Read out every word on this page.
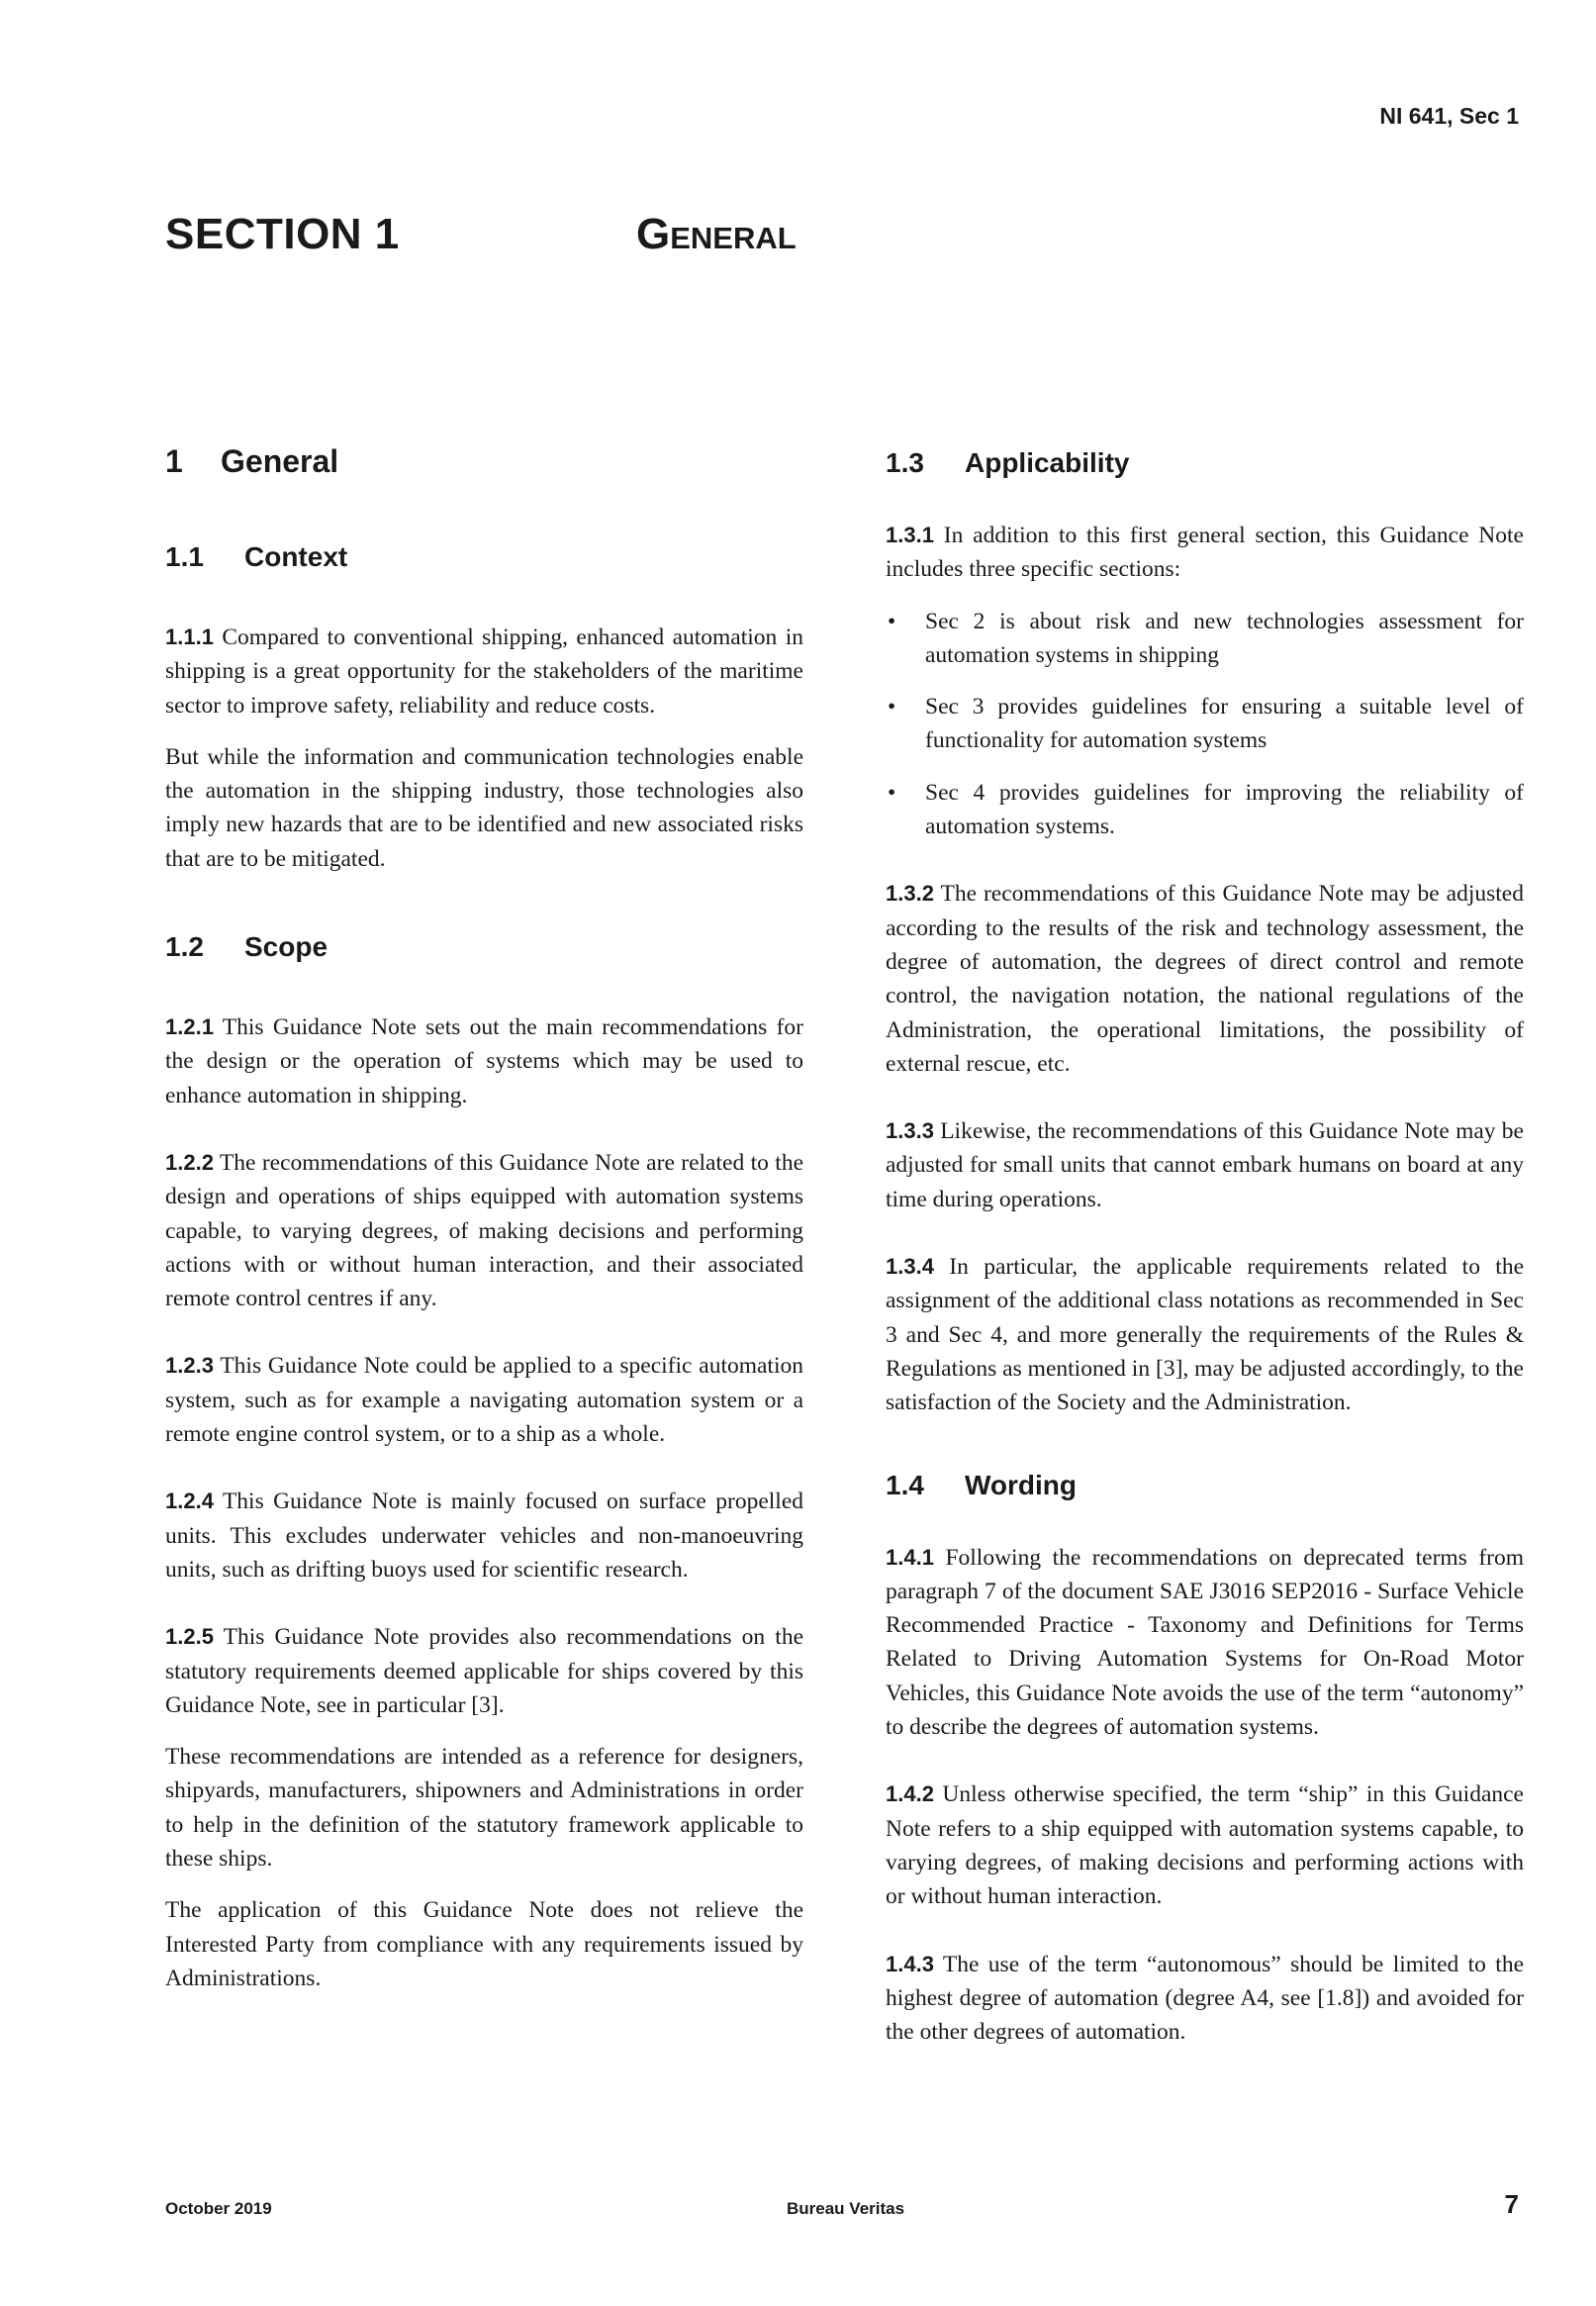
NI 641, Sec 1
SECTION 1	General
1 General
1.1 Context

1.1.1 Compared to conventional shipping, enhanced automation in shipping is a great opportunity for the stakeholders of the maritime sector to improve safety, reliability and reduce costs.

But while the information and communication technologies enable the automation in the shipping industry, those technologies also imply new hazards that are to be identified and new associated risks that are to be mitigated.

1.2 Scope

1.2.1 This Guidance Note sets out the main recommendations for the design or the operation of systems which may be used to enhance automation in shipping.

1.2.2 The recommendations of this Guidance Note are related to the design and operations of ships equipped with automation systems capable, to varying degrees, of making decisions and performing actions with or without human interaction, and their associated remote control centres if any.

1.2.3 This Guidance Note could be applied to a specific automation system, such as for example a navigating automation system or a remote engine control system, or to a ship as a whole.

1.2.4 This Guidance Note is mainly focused on surface propelled units. This excludes underwater vehicles and non-manoeuvring units, such as drifting buoys used for scientific research.

1.2.5 This Guidance Note provides also recommendations on the statutory requirements deemed applicable for ships covered by this Guidance Note, see in particular [3].

These recommendations are intended as a reference for designers, shipyards, manufacturers, shipowners and Administrations in order to help in the definition of the statutory framework applicable to these ships.

The application of this Guidance Note does not relieve the Interested Party from compliance with any requirements issued by Administrations.

1.3 Applicability

1.3.1 In addition to this first general section, this Guidance Note includes three specific sections:

• Sec 2 is about risk and new technologies assessment for automation systems in shipping
• Sec 3 provides guidelines for ensuring a suitable level of functionality for automation systems
• Sec 4 provides guidelines for improving the reliability of automation systems.

1.3.2 The recommendations of this Guidance Note may be adjusted according to the results of the risk and technology assessment, the degree of automation, the degrees of direct control and remote control, the navigation notation, the national regulations of the Administration, the operational limitations, the possibility of external rescue, etc.

1.3.3 Likewise, the recommendations of this Guidance Note may be adjusted for small units that cannot embark humans on board at any time during operations.

1.3.4 In particular, the applicable requirements related to the assignment of the additional class notations as recommended in Sec 3 and Sec 4, and more generally the requirements of the Rules & Regulations as mentioned in [3], may be adjusted accordingly, to the satisfaction of the Society and the Administration.

1.4 Wording

1.4.1 Following the recommendations on deprecated terms from paragraph 7 of the document SAE J3016 SEP2016 - Surface Vehicle Recommended Practice - Taxonomy and Definitions for Terms Related to Driving Automation Systems for On-Road Motor Vehicles, this Guidance Note avoids the use of the term “autonomy” to describe the degrees of automation systems.

1.4.2 Unless otherwise specified, the term “ship” in this Guidance Note refers to a ship equipped with automation systems capable, to varying degrees, of making decisions and performing actions with or without human interaction.

1.4.3 The use of the term “autonomous” should be limited to the highest degree of automation (degree A4, see [1.8]) and avoided for the other degrees of automation.

October 2019	Bureau Veritas	7
